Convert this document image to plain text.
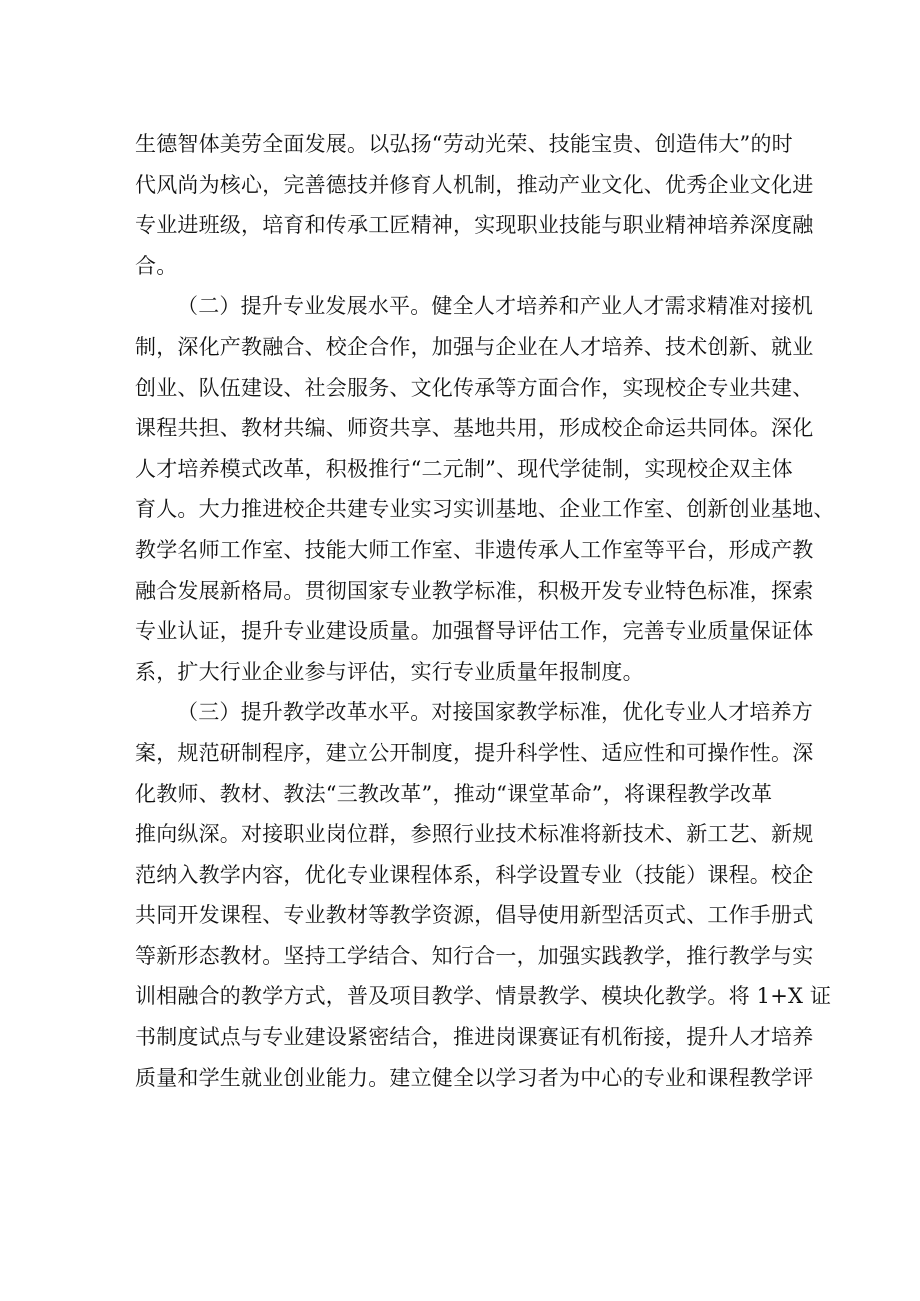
生德智体美劳全面发展。以弘扬“劳动光荣、技能宝贵、创造伟大”的时
代风尚为核心，完善德技并修育人机制，推动产业文化、优秀企业文化进
专业进班级，培育和传承工匠精神，实现职业技能与职业精神培养深度融
合。
（二）提升专业发展水平。健全人才培养和产业人才需求精准对接机
制，深化产教融合、校企合作，加强与企业在人才培养、技术创新、就业
创业、队伍建设、社会服务、文化传承等方面合作，实现校企专业共建、
课程共担、教材共编、师资共享、基地共用，形成校企命运共同体。深化
人才培养模式改革，积极推行“二元制”、现代学徒制，实现校企双主体
育人。大力推进校企共建专业实习实训基地、企业工作室、创新创业基地、
教学名师工作室、技能大师工作室、非遗传承人工作室等平台，形成产教
融合发展新格局。贯彻国家专业教学标准，积极开发专业特色标准，探索
专业认证，提升专业建设质量。加强督导评估工作，完善专业质量保证体
系，扩大行业企业参与评估，实行专业质量年报制度。
（三）提升教学改革水平。对接国家教学标准，优化专业人才培养方
案，规范研制程序，建立公开制度，提升科学性、适应性和可操作性。深
化教师、教材、教法“三教改革”，推动“课堂革命”，将课程教学改革
推向纵深。对接职业岗位群，参照行业技术标准将新技术、新工艺、新规
范纳入教学内容，优化专业课程体系，科学设置专业（技能）课程。校企
共同开发课程、专业教材等教学资源，倡导使用新型活页式、工作手册式
等新形态教材。坚持工学结合、知行合一，加强实践教学，推行教学与实
训相融合的教学方式，普及项目教学、情景教学、模块化教学。将 1+X 证
书制度试点与专业建设紧密结合，推进岗课赛证有机衔接，提升人才培养
质量和学生就业创业能力。建立健全以学习者为中心的专业和课程教学评
